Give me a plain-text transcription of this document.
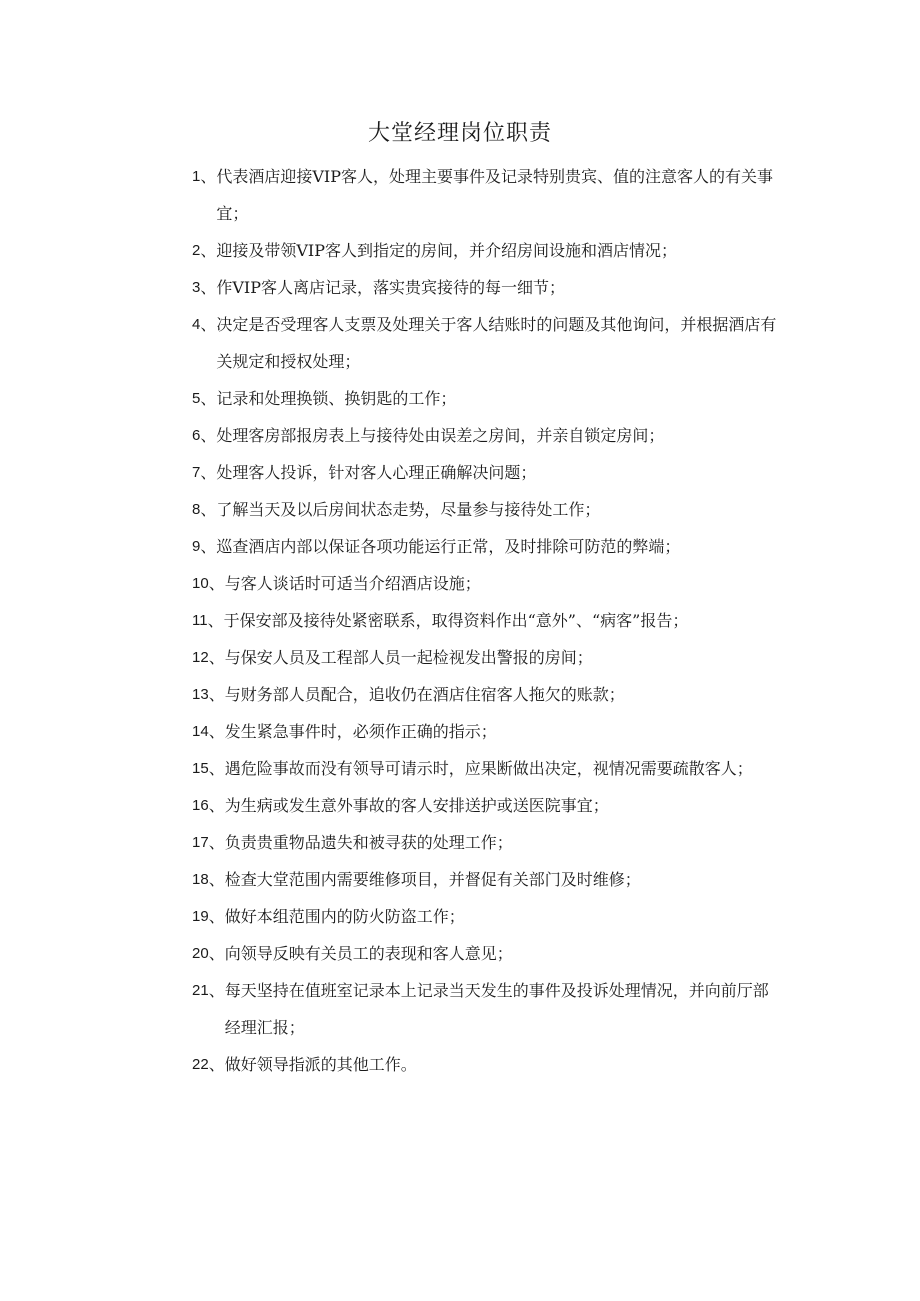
大堂经理岗位职责
1 、 代表酒店迎接VIP客人，处理主要事件及记录特别贵宾、值的注意客人的有关事宜；
2 、 迎接及带领VIP客人到指定的房间，并介绍房间设施和酒店情况；
3 、 作VIP客人离店记录，落实贵宾接待的每一细节；
4 、 决定是否受理客人支票及处理关于客人结账时的问题及其他询问，并根据酒店有关规定和授权处理；
5 、 记录和处理换锁、换钥匙的工作；
6 、 处理客房部报房表上与接待处由误差之房间，并亲自锁定房间；
7 、 处理客人投诉，针对客人心理正确解决问题；
8 、 了解当天及以后房间状态走势，尽量参与接待处工作；
9 、 巡查酒店内部以保证各项功能运行正常，及时排除可防范的弊端；
10 、 与客人谈话时可适当介绍酒店设施；
11 、 于保安部及接待处紧密联系，取得资料作出“意外”、“病客”报告；
12 、 与保安人员及工程部人员一起检视发出警报的房间；
13 、 与财务部人员配合，追收仍在酒店住宿客人拖欠的账款；
14 、 发生紧急事件时，必须作正确的指示；
15 、 遇危险事故而没有领导可请示时，应果断做出决定，视情况需要疏散客人；
16 、 为生病或发生意外事故的客人安排送护或送医院事宜；
17 、 负责贵重物品遗失和被寻获的处理工作；
18 、 检查大堂范围内需要维修项目，并督促有关部门及时维修；
19 、 做好本组范围内的防火防盗工作；
20 、 向领导反映有关员工的表现和客人意见；
21 、 每天坚持在值班室记录本上记录当天发生的事件及投诉处理情况，并向前厅部经理汇报；
22 、 做好领导指派的其他工作。
